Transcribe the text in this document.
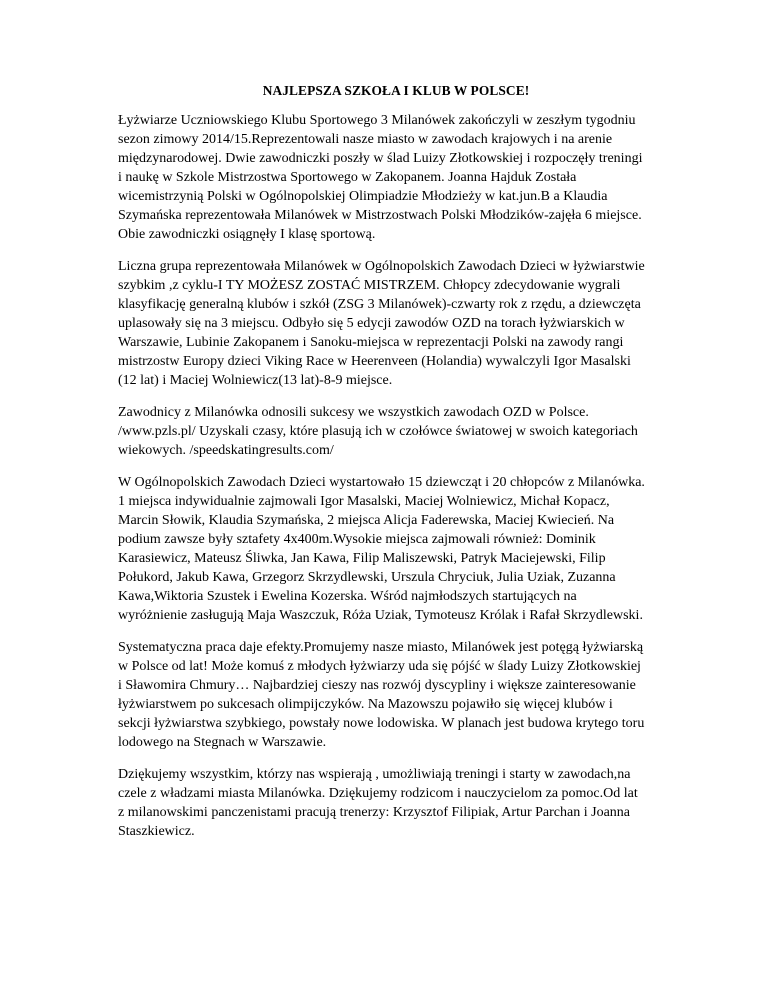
NAJLEPSZA SZKOŁA I KLUB W POLSCE!

Łyżwiarze Uczniowskiego Klubu Sportowego 3 Milanówek zakończyli w zeszłym tygodniu
sezon zimowy 2014/15.Reprezentowali nasze miasto w zawodach krajowych i na arenie
międzynarodowej. Dwie zawodniczki poszły w ślad Luizy Złotkowskiej i rozpoczęły treningi
i naukę w Szkole Mistrzostwa Sportowego w Zakopanem. Joanna Hajduk Została
wicemistrzynią Polski w Ogólnopolskiej Olimpiadzie Młodzieży w kat.jun.B a Klaudia
Szymańska reprezentowała Milanówek w Mistrzostwach Polski Młodzików-zajęła 6 miejsce.
Obie zawodniczki osiągnęły I klasę sportową.

Liczna grupa reprezentowała Milanówek w Ogólnopolskich Zawodach Dzieci w łyżwiarstwie
szybkim ,z cyklu-I TY MOŻESZ ZOSTAĆ MISTRZEM. Chłopcy zdecydowanie wygrali
klasyfikację generalną klubów i szkół (ZSG 3 Milanówek)-czwarty rok z rzędu, a dziewczęta
uplasowały się na 3 miejscu. Odbyło się 5 edycji zawodów OZD na torach łyżwiarskich w
Warszawie, Lubinie Zakopanem i Sanoku-miejsca w reprezentacji Polski na zawody rangi
mistrzostw Europy dzieci Viking Race w Heerenveen (Holandia) wywalczyli Igor Masalski
(12 lat) i Maciej Wolniewicz(13 lat)-8-9 miejsce.

Zawodnicy z Milanówka odnosili sukcesy we wszystkich zawodach OZD w Polsce.
/www.pzls.pl/ Uzyskali czasy, które plasują ich w czołówce światowej w swoich kategoriach
wiekowych. /speedskatingresults.com/

W Ogólnopolskich Zawodach Dzieci wystartowało 15 dziewcząt i 20 chłopców z Milanówka.
1 miejsca indywidualnie zajmowali Igor Masalski, Maciej Wolniewicz, Michał Kopacz,
Marcin Słowik, Klaudia Szymańska, 2 miejsca Alicja Faderewska, Maciej Kwiecień. Na
podium zawsze były sztafety 4x400m.Wysokie miejsca zajmowali również: Dominik
Karasiewicz, Mateusz Śliwka, Jan Kawa, Filip Maliszewski, Patryk Maciejewski, Filip
Połukord, Jakub Kawa, Grzegorz Skrzydlewski, Urszula Chryciuk, Julia Uziak, Zuzanna
Kawa,Wiktoria Szustek i Ewelina Kozerska. Wśród najmłodszych startujących na
wyróżnienie zasługują Maja Waszczuk, Róża Uziak, Tymoteusz Królak i Rafał Skrzydlewski.

Systematyczna praca daje efekty.Promujemy nasze miasto, Milanówek jest potęgą łyżwiarską
w Polsce od lat! Może komuś z młodych łyżwiarzy uda się pójść w ślady Luizy Złotkowskiej
i Sławomira Chmury… Najbardziej cieszy nas rozwój dyscypliny i większe zainteresowanie
łyżwiarstwem po sukcesach olimpijczyków. Na Mazowszu pojawiło się więcej klubów i
sekcji łyżwiarstwa szybkiego, powstały nowe lodowiska. W planach jest budowa krytego toru
lodowego na Stegnach w Warszawie.

Dziękujemy wszystkim, którzy nas wspierają , umożliwiają treningi i starty w zawodach,na
czele z władzami miasta Milanówka. Dziękujemy rodzicom i nauczycielom za pomoc.Od lat
z milanowskimi panczenistami pracują trenerzy: Krzysztof Filipiak, Artur Parchan i Joanna
Staszkiewicz.
